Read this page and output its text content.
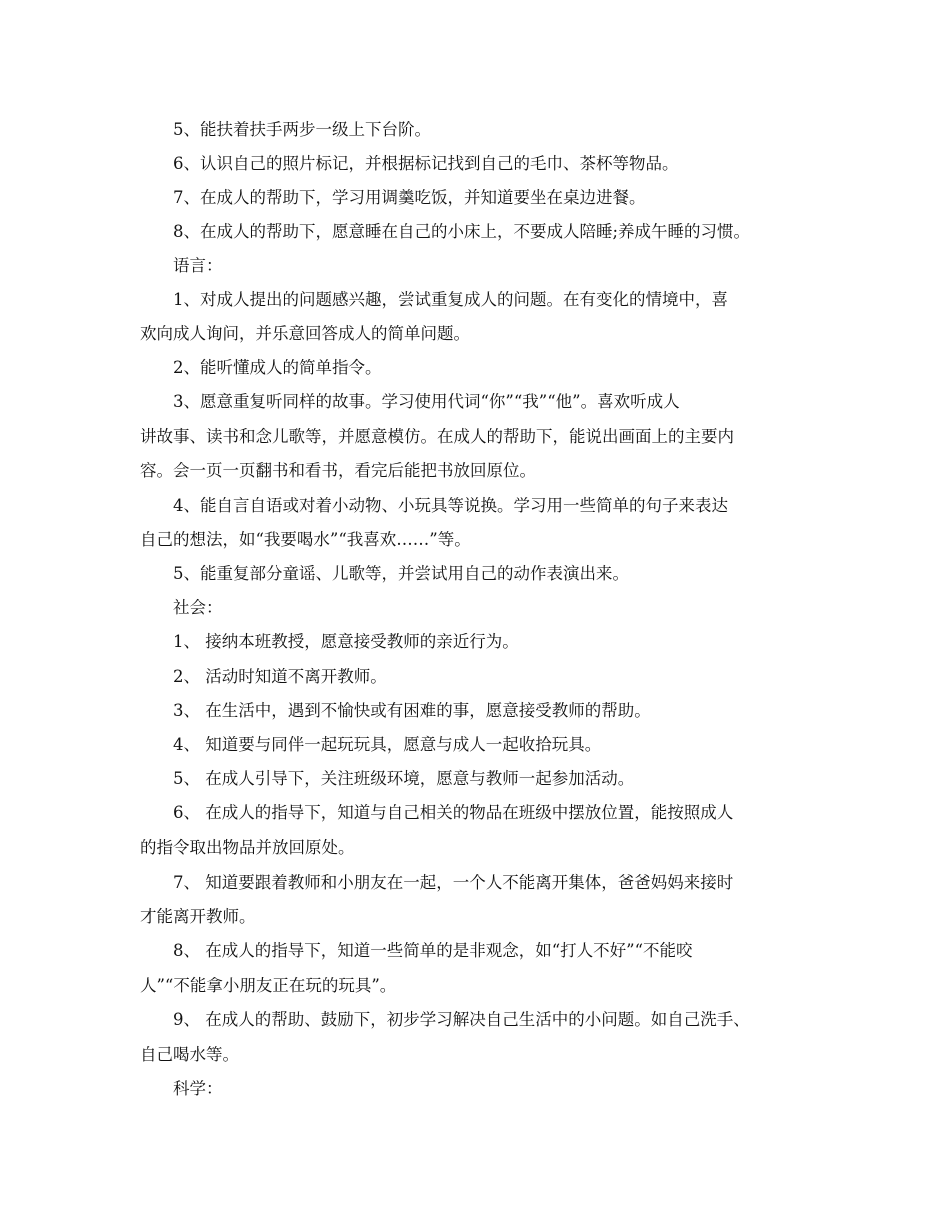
5、能扶着扶手两步一级上下台阶。
6、认识自己的照片标记，并根据标记找到自己的毛巾、茶杯等物品。
7、在成人的帮助下，学习用调羹吃饭，并知道要坐在桌边进餐。
8、在成人的帮助下，愿意睡在自己的小床上，不要成人陪睡;养成午睡的习惯。
语言：
1、对成人提出的问题感兴趣，尝试重复成人的问题。在有变化的情境中，喜
欢向成人询问，并乐意回答成人的简单问题。
2、能听懂成人的简单指令。
3、愿意重复听同样的故事。学习使用代词“你”“我”“他”。喜欢听成人
讲故事、读书和念儿歌等，并愿意模仿。在成人的帮助下，能说出画面上的主要内
容。会一页一页翻书和看书，看完后能把书放回原位。
4、能自言自语或对着小动物、小玩具等说换。学习用一些简单的句子来表达
自己的想法，如“我要喝水”“我喜欢……”等。
5、能重复部分童谣、儿歌等，并尝试用自己的动作表演出来。
社会：
1、 接纳本班教授，愿意接受教师的亲近行为。
2、 活动时知道不离开教师。
3、 在生活中，遇到不愉快或有困难的事，愿意接受教师的帮助。
4、 知道要与同伴一起玩玩具，愿意与成人一起收拾玩具。
5、 在成人引导下，关注班级环境，愿意与教师一起参加活动。
6、 在成人的指导下，知道与自己相关的物品在班级中摆放位置，能按照成人
的指令取出物品并放回原处。
7、 知道要跟着教师和小朋友在一起，一个人不能离开集体，爸爸妈妈来接时
才能离开教师。
8、 在成人的指导下，知道一些简单的是非观念，如“打人不好”“不能咬
人”“不能拿小朋友正在玩的玩具”。
9、 在成人的帮助、鼓励下，初步学习解决自己生活中的小问题。如自己洗手、
自己喝水等。
科学：
